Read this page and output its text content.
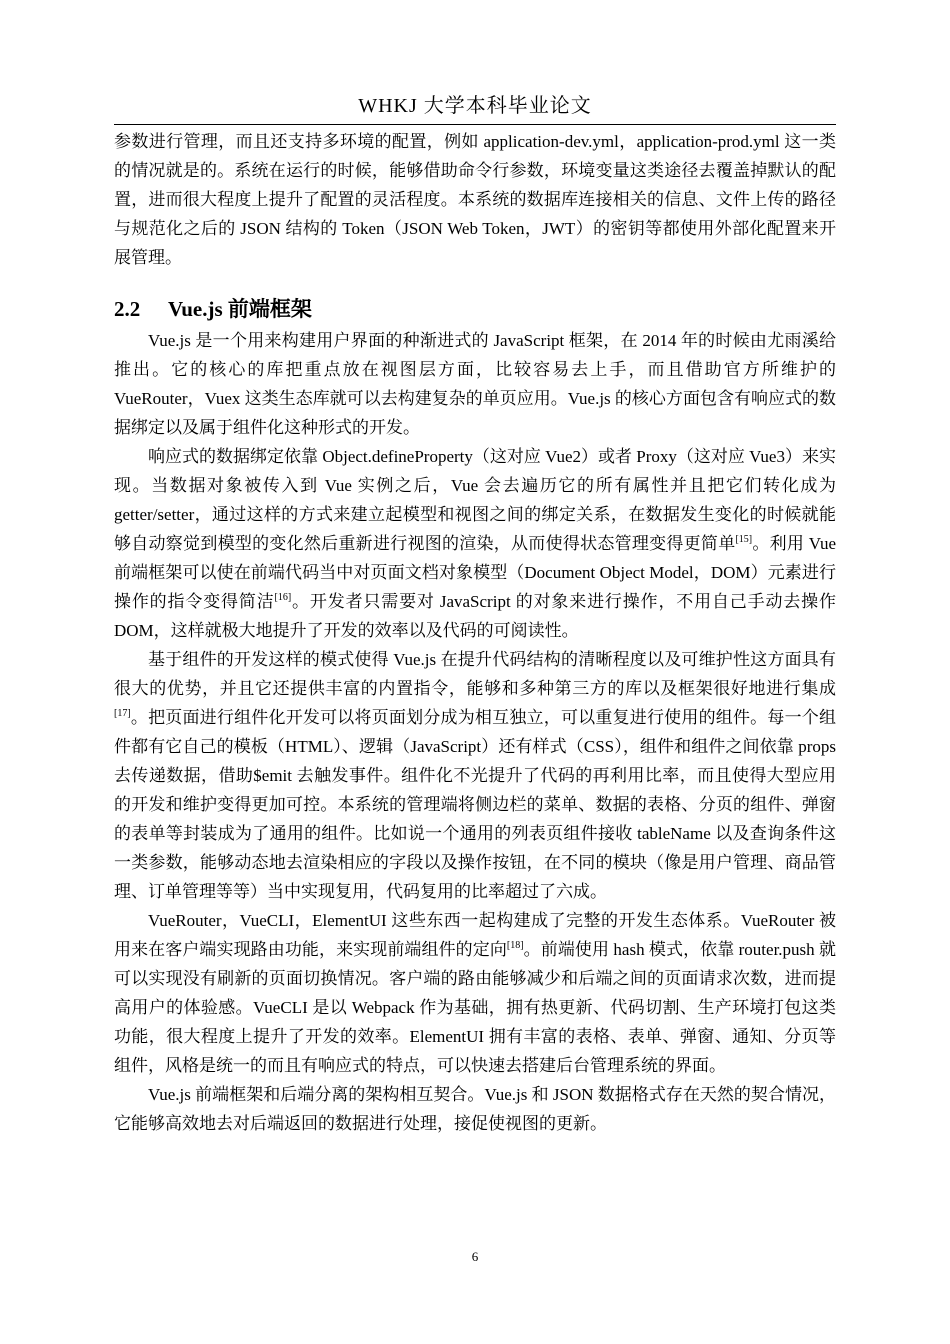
WHKJ 大学本科毕业论文

参数进行管理，而且还支持多环境的配置，例如 application-dev.yml，application-prod.yml 这一类的情况就是的。系统在运行的时候，能够借助命令行参数，环境变量这类途径去覆盖掉默认的配置，进而很大程度上提升了配置的灵活程度。本系统的数据库连接相关的信息、文件上传的路径与规范化之后的 JSON 结构的 Token（JSON Web Token，JWT）的密钥等都使用外部化配置来开展管理。

2.2 Vue.js 前端框架

Vue.js 是一个用来构建用户界面的种渐进式的 JavaScript 框架，在 2014 年的时候由尤雨溪给推出。它的核心的库把重点放在视图层方面，比较容易去上手，而且借助官方所维护的 VueRouter，Vuex 这类生态库就可以去构建复杂的单页应用。Vue.js 的核心方面包含有响应式的数据绑定以及属于组件化这种形式的开发。

响应式的数据绑定依靠 Object.defineProperty（这对应 Vue2）或者 Proxy（这对应 Vue3）来实现。当数据对象被传入到 Vue 实例之后，Vue 会去遍历它的所有属性并且把它们转化成为 getter/setter，通过这样的方式来建立起模型和视图之间的绑定关系，在数据发生变化的时候就能够自动察觉到模型的变化然后重新进行视图的渲染，从而使得状态管理变得更简单[15]。利用 Vue 前端框架可以使在前端代码当中对页面文档对象模型（Document Object Model，DOM）元素进行操作的指令变得简洁[16]。开发者只需要对 JavaScript 的对象来进行操作，不用自己手动去操作 DOM，这样就极大地提升了开发的效率以及代码的可阅读性。

基于组件的开发这样的模式使得 Vue.js 在提升代码结构的清晰程度以及可维护性这方面具有很大的优势，并且它还提供丰富的内置指令，能够和多种第三方的库以及框架很好地进行集成[17]。把页面进行组件化开发可以将页面划分成为相互独立，可以重复进行使用的组件。每一个组件都有它自己的模板（HTML）、逻辑（JavaScript）还有样式（CSS），组件和组件之间依靠 props 去传递数据，借助$emit 去触发事件。组件化不光提升了代码的再利用比率，而且使得大型应用的开发和维护变得更加可控。本系统的管理端将侧边栏的菜单、数据的表格、分页的组件、弹窗的表单等封装成为了通用的组件。比如说一个通用的列表页组件接收 tableName 以及查询条件这一类参数，能够动态地去渲染相应的字段以及操作按钮，在不同的模块（像是用户管理、商品管理、订单管理等等）当中实现复用，代码复用的比率超过了六成。

VueRouter，VueCLI，ElementUI 这些东西一起构建成了完整的开发生态体系。VueRouter 被用来在客户端实现路由功能，来实现前端组件的定向[18]。前端使用 hash 模式，依靠 router.push 就可以实现没有刷新的页面切换情况。客户端的路由能够减少和后端之间的页面请求次数，进而提高用户的体验感。VueCLI 是以 Webpack 作为基础，拥有热更新、代码切割、生产环境打包这类功能，很大程度上提升了开发的效率。ElementUI 拥有丰富的表格、表单、弹窗、通知、分页等组件，风格是统一的而且有响应式的特点，可以快速去搭建后台管理系统的界面。

Vue.js 前端框架和后端分离的架构相互契合。Vue.js 和 JSON 数据格式存在天然的契合情况，它能够高效地去对后端返回的数据进行处理，接促使视图的更新。

6
